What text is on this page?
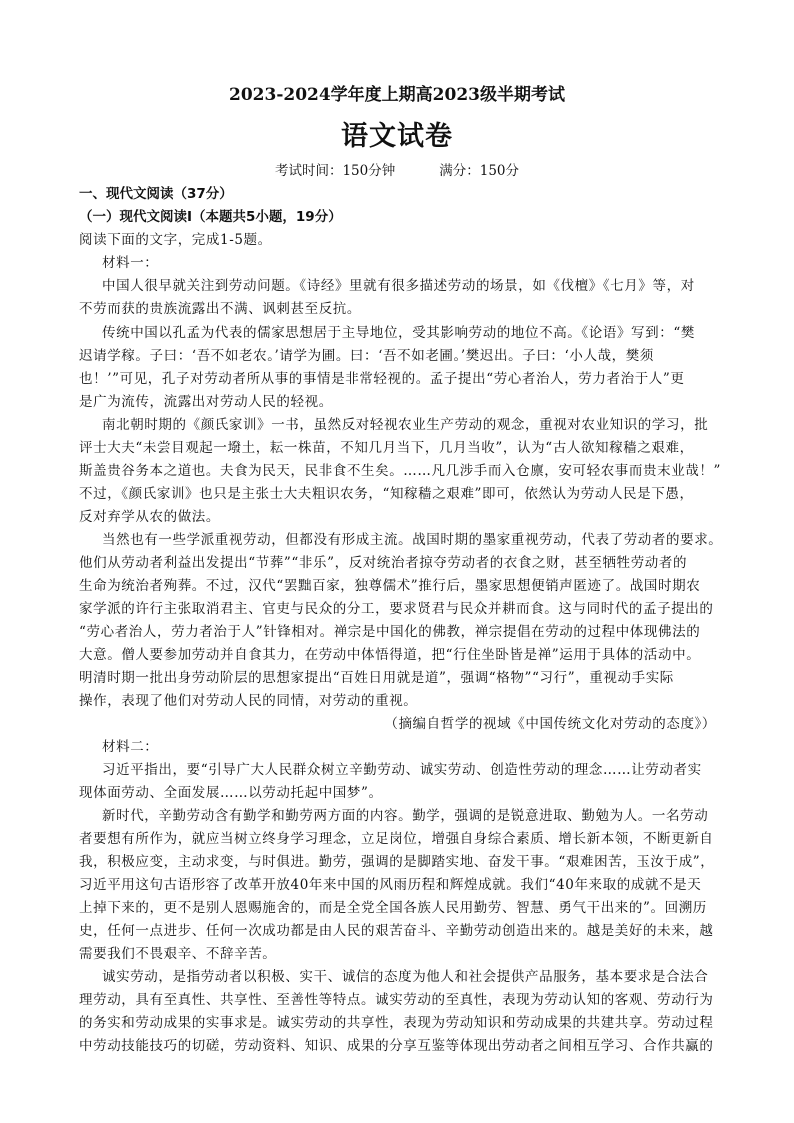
2023-2024学年度上期高2023级半期考试
语文试卷
考试时间：150分钟	满分：150分
一、现代文阅读（37分）
（一）现代文阅读Ⅰ（本题共5小题，19分）
阅读下面的文字，完成1-5题。
材料一：
中国人很早就关注到劳动问题。《诗经》里就有很多描述劳动的场景，如《伐檀》《七月》等，对
不劳而获的贵族流露出不满、讽刺甚至反抗。
传统中国以孔孟为代表的儒家思想居于主导地位，受其影响劳动的地位不高。《论语》写到：“樊
迟请学稼。子曰：‘吾不如老农。’请学为圃。曰：‘吾不如老圃。’樊迟出。子曰：‘小人哉，樊须
也！’”可见，孔子对劳动者所从事的事情是非常轻视的。孟子提出“劳心者治人，劳力者治于人”更
是广为流传，流露出对劳动人民的轻视。
南北朝时期的《颜氏家训》一书，虽然反对轻视农业生产劳动的观念，重视对农业知识的学习，批
评士大夫“未尝目观起一墢土，耘一株苗，不知几月当下，几月当收”，认为“古人欲知稼穑之艰难，
斯盖贵谷务本之道也。夫食为民天，民非食不生矣。……凡几涉手而入仓廪，安可轻农事而贵末业哉！”
不过，《颜氏家训》也只是主张士大夫粗识农务，“知稼穑之艰难”即可，依然认为劳动人民是下愚，
反对弃学从农的做法。
当然也有一些学派重视劳动，但都没有形成主流。战国时期的墨家重视劳动，代表了劳动者的要求。
他们从劳动者利益出发提出“节葬”“非乐”，反对统治者掠夺劳动者的衣食之财，甚至牺牲劳动者的
生命为统治者殉葬。不过，汉代“罢黜百家，独尊儒术”推行后，墨家思想便销声匿迹了。战国时期农
家学派的许行主张取消君主、官吏与民众的分工，要求贤君与民众并耕而食。这与同时代的孟子提出的
“劳心者治人，劳力者治于人”针锋相对。禅宗是中国化的佛教，禅宗提倡在劳动的过程中体现佛法的
大意。僧人要参加劳动并自食其力，在劳动中体悟得道，把“行住坐卧皆是禅”运用于具体的活动中。
明清时期一批出身劳动阶层的思想家提出“百姓日用就是道”，强调“格物”“习行”，重视动手实际
操作，表现了他们对劳动人民的同情，对劳动的重视。
（摘编自哲学的视域《中国传统文化对劳动的态度》）
材料二：
习近平指出，要“引导广大人民群众树立辛勤劳动、诚实劳动、创造性劳动的理念……让劳动者实
现体面劳动、全面发展……以劳动托起中国梦”。
新时代，辛勤劳动含有勤学和勤劳两方面的内容。勤学，强调的是锐意进取、勤勉为人。一名劳动
者要想有所作为，就应当树立终身学习理念，立足岗位，增强自身综合素质、增长新本领，不断更新自
我，积极应变，主动求变，与时俱进。勤劳，强调的是脚踏实地、奋发干事。“艰难困苦，玉汝于成”，
习近平用这句古语形容了改革开放40年来中国的风雨历程和辉煌成就。我们“40年来取的成就不是天
上掉下来的，更不是别人恩赐施舍的，而是全党全国各族人民用勤劳、智慧、勇气干出来的”。回溯历
史，任何一点进步、任何一次成功都是由人民的艰苦奋斗、辛勤劳动创造出来的。越是美好的未来，越
需要我们不畏艰辛、不辞辛苦。
诚实劳动，是指劳动者以积极、实干、诚信的态度为他人和社会提供产品服务，基本要求是合法合
理劳动，具有至真性、共享性、至善性等特点。诚实劳动的至真性，表现为劳动认知的客观、劳动行为
的务实和劳动成果的实事求是。诚实劳动的共享性，表现为劳动知识和劳动成果的共建共享。劳动过程
中劳动技能技巧的切磋，劳动资料、知识、成果的分享互鉴等体现出劳动者之间相互学习、合作共赢的
